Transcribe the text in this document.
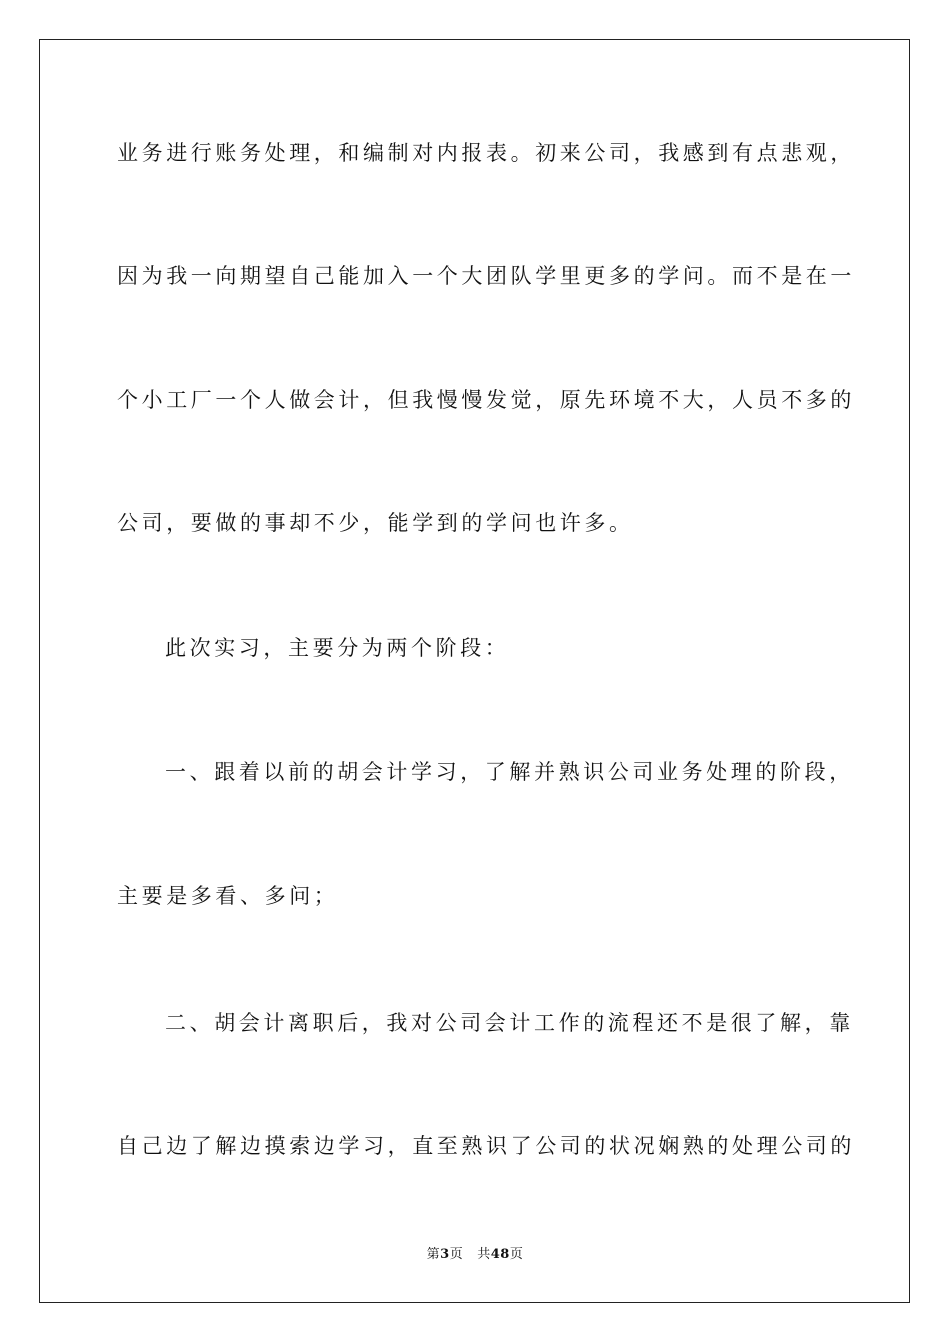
业务进行账务处理，和编制对内报表。初来公司，我感到有点悲观，
因为我一向期望自己能加入一个大团队学里更多的学问。而不是在一
个小工厂一个人做会计，但我慢慢发觉，原先环境不大，人员不多的
公司，要做的事却不少，能学到的学问也许多。
此次实习，主要分为两个阶段：
一、跟着以前的胡会计学习，了解并熟识公司业务处理的阶段，
主要是多看、多问；
二、胡会计离职后，我对公司会计工作的流程还不是很了解，靠
自己边了解边摸索边学习，直至熟识了公司的状况娴熟的处理公司的
第3页 共48页
